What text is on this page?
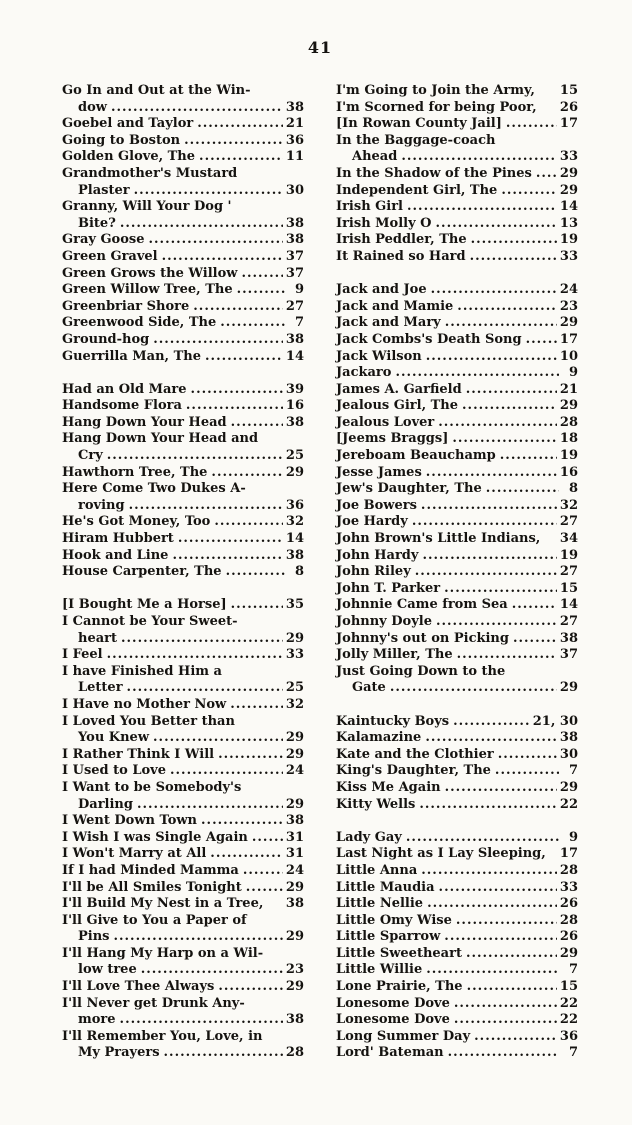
41
Go In and Out at the Win-
dow .....	38
Goebel and Taylor .....	21
Going to Boston .....	36
Golden Glove, The .....	11
Grandmother's Mustard
Plaster .....	30
Granny, Will Your Dog '
Bite? .....	38
Gray Goose .....	38
Green Gravel .....	37
Green Grows the Willow .....	37
Green Willow Tree, The .....	9
Greenbriar Shore .....	27
Greenwood Side, The .....	7
Ground-hog .....	38
Guerrilla Man, The .....	14
Had an Old Mare .....	39
Handsome Flora .....	16
Hang Down Your Head .....	38
Hang Down Your Head and
Cry .....	25
Hawthorn Tree, The .....	29
Here Come Two Dukes A-
roving .....	36
He's Got Money, Too .....	32
Hiram Hubbert .....	14
Hook and Line .....	38
House Carpenter, The .....	8
[I Bought Me a Horse] .....	35
I Cannot be Your Sweet-
heart .....	29
I Feel .....	33
I have Finished Him a
Letter .....	25
I Have no Mother Now .....	32
I Loved You Better than
You Knew .....	29
I Rather Think I Will .....	29
I Used to Love .....	24
I Want to be Somebody's
Darling .....	29
I Went Down Town .....	38
I Wish I was Single Again .....	31
I Won't Marry at All .....	31
If I had Minded Mamma .....	24
I'll be All Smiles Tonight .....	29
I'll Build My Nest in a Tree, 38
I'll Give to You a Paper of
Pins .....	29
I'll Hang My Harp on a Wil-
low tree .....	23
I'll Love Thee Always .....	29
I'll Never get Drunk Any-
more .....	38
I'll Remember You, Love, in
My Prayers .....	28
I'm Going to Join the Army, 15
I'm Scorned for being Poor, 26
[In Rowan County Jail] .....	17
In the Baggage-coach
Ahead .....	33
In the Shadow of the Pines ..... 29
Independent Girl, The .....	29
Irish Girl .....	14
Irish Molly O .....	13
Irish Peddler, The .....	19
It Rained so Hard .....	33
Jack and Joe .....	24
Jack and Mamie .....	23
Jack and Mary .....	29
Jack Combs's Death Song .....	17
Jack Wilson .....	10
Jackaro .....	9
James A. Garfield .....	21
Jealous Girl, The .....	29
Jealous Lover .....	28
[Jeems Braggs] .....	18
Jereboam Beauchamp .....	19
Jesse James .....	16
Jew's Daughter, The .....	8
Joe Bowers .....	32
Joe Hardy .....	27
John Brown's Little Indians, 34
John Hardy .....	19
John Riley .....	27
John T. Parker .....	15
Johnnie Came from Sea .....	14
Johnny Doyle .....	27
Johnny's out on Picking .....	38
Jolly Miller, The .....	37
Just Going Down to the
Gate .....	29
Kaintucky Boys .....	21, 30
Kalamazine .....	38
Kate and the Clothier .....	30
King's Daughter, The .....	7
Kiss Me Again .....	29
Kitty Wells .....	22
Lady Gay .....	9
Last Night as I Lay Sleeping, 17
Little Anna .....	28
Little Maudia .....	33
Little Nellie .....	26
Little Omy Wise .....	28
Little Sparrow .....	26
Little Sweetheart .....	29
Little Willie .....	7
Lone Prairie, The .....	15
Lonesome Dove .....	22
Lonesome Dove .....	22
Long Summer Day .....	36
Lord' Bateman .....	7
